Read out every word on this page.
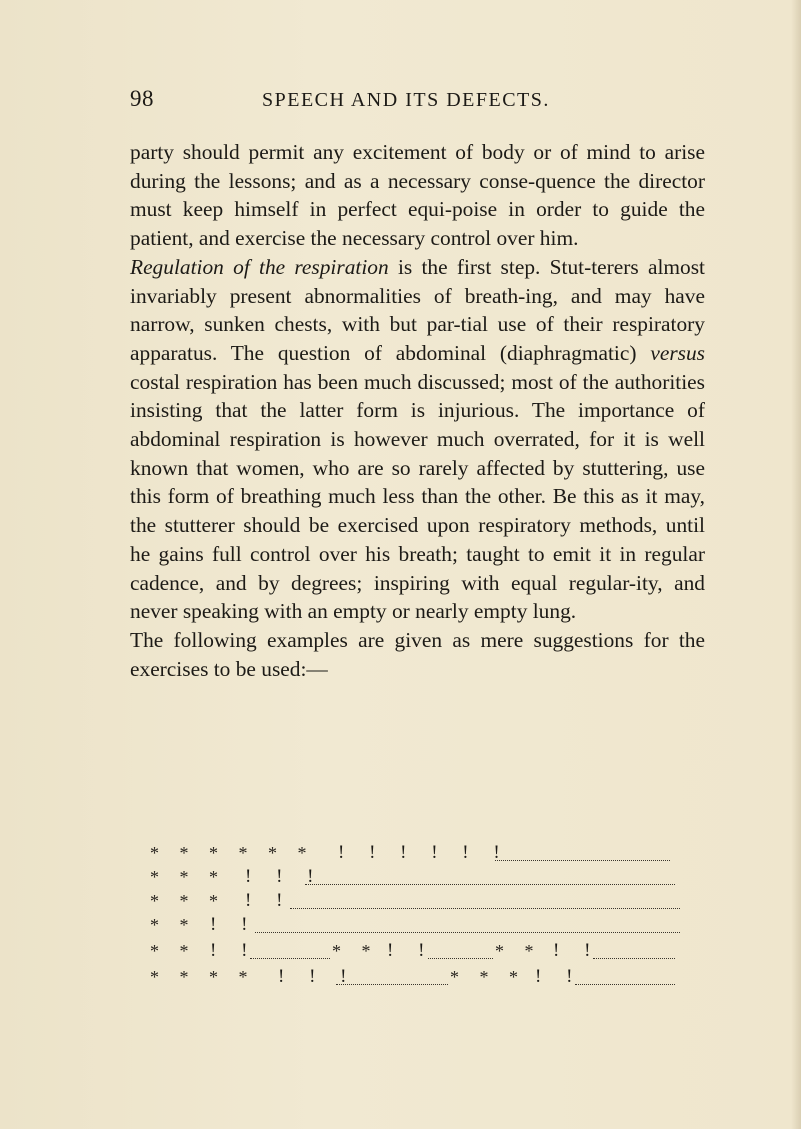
98	SPEECH AND ITS DEFECTS.

party should permit any excitement of body or of mind to arise during the lessons; and as a necessary conse-quence the director must keep himself in perfect equi-poise in order to guide the patient, and exercise the necessary control over him.

Regulation of the respiration is the first step. Stut-terers almost invariably present abnormalities of breath-ing, and may have narrow, sunken chests, with but par-tial use of their respiratory apparatus. The question of abdominal (diaphragmatic) versus costal respiration has been much discussed; most of the authorities insisting that the latter form is injurious. The importance of abdominal respiration is however much overrated, for it is well known that women, who are so rarely affected by stuttering, use this form of breathing much less than the other. Be this as it may, the stutterer should be exercised upon respiratory methods, until he gains full control over his breath; taught to emit it in regular cadence, and by degrees; inspiring with equal regular-ity, and never speaking with an empty or nearly empty lung.

The following examples are given as mere suggestions for the exercises to be used:—

* * * * * * ! ! ! ! ! !
* * * ! ! !
* * * ! !
* * ! !
* * ! !	* * ! !	* * ! !
* * * * ! ! !	* * * ! !
